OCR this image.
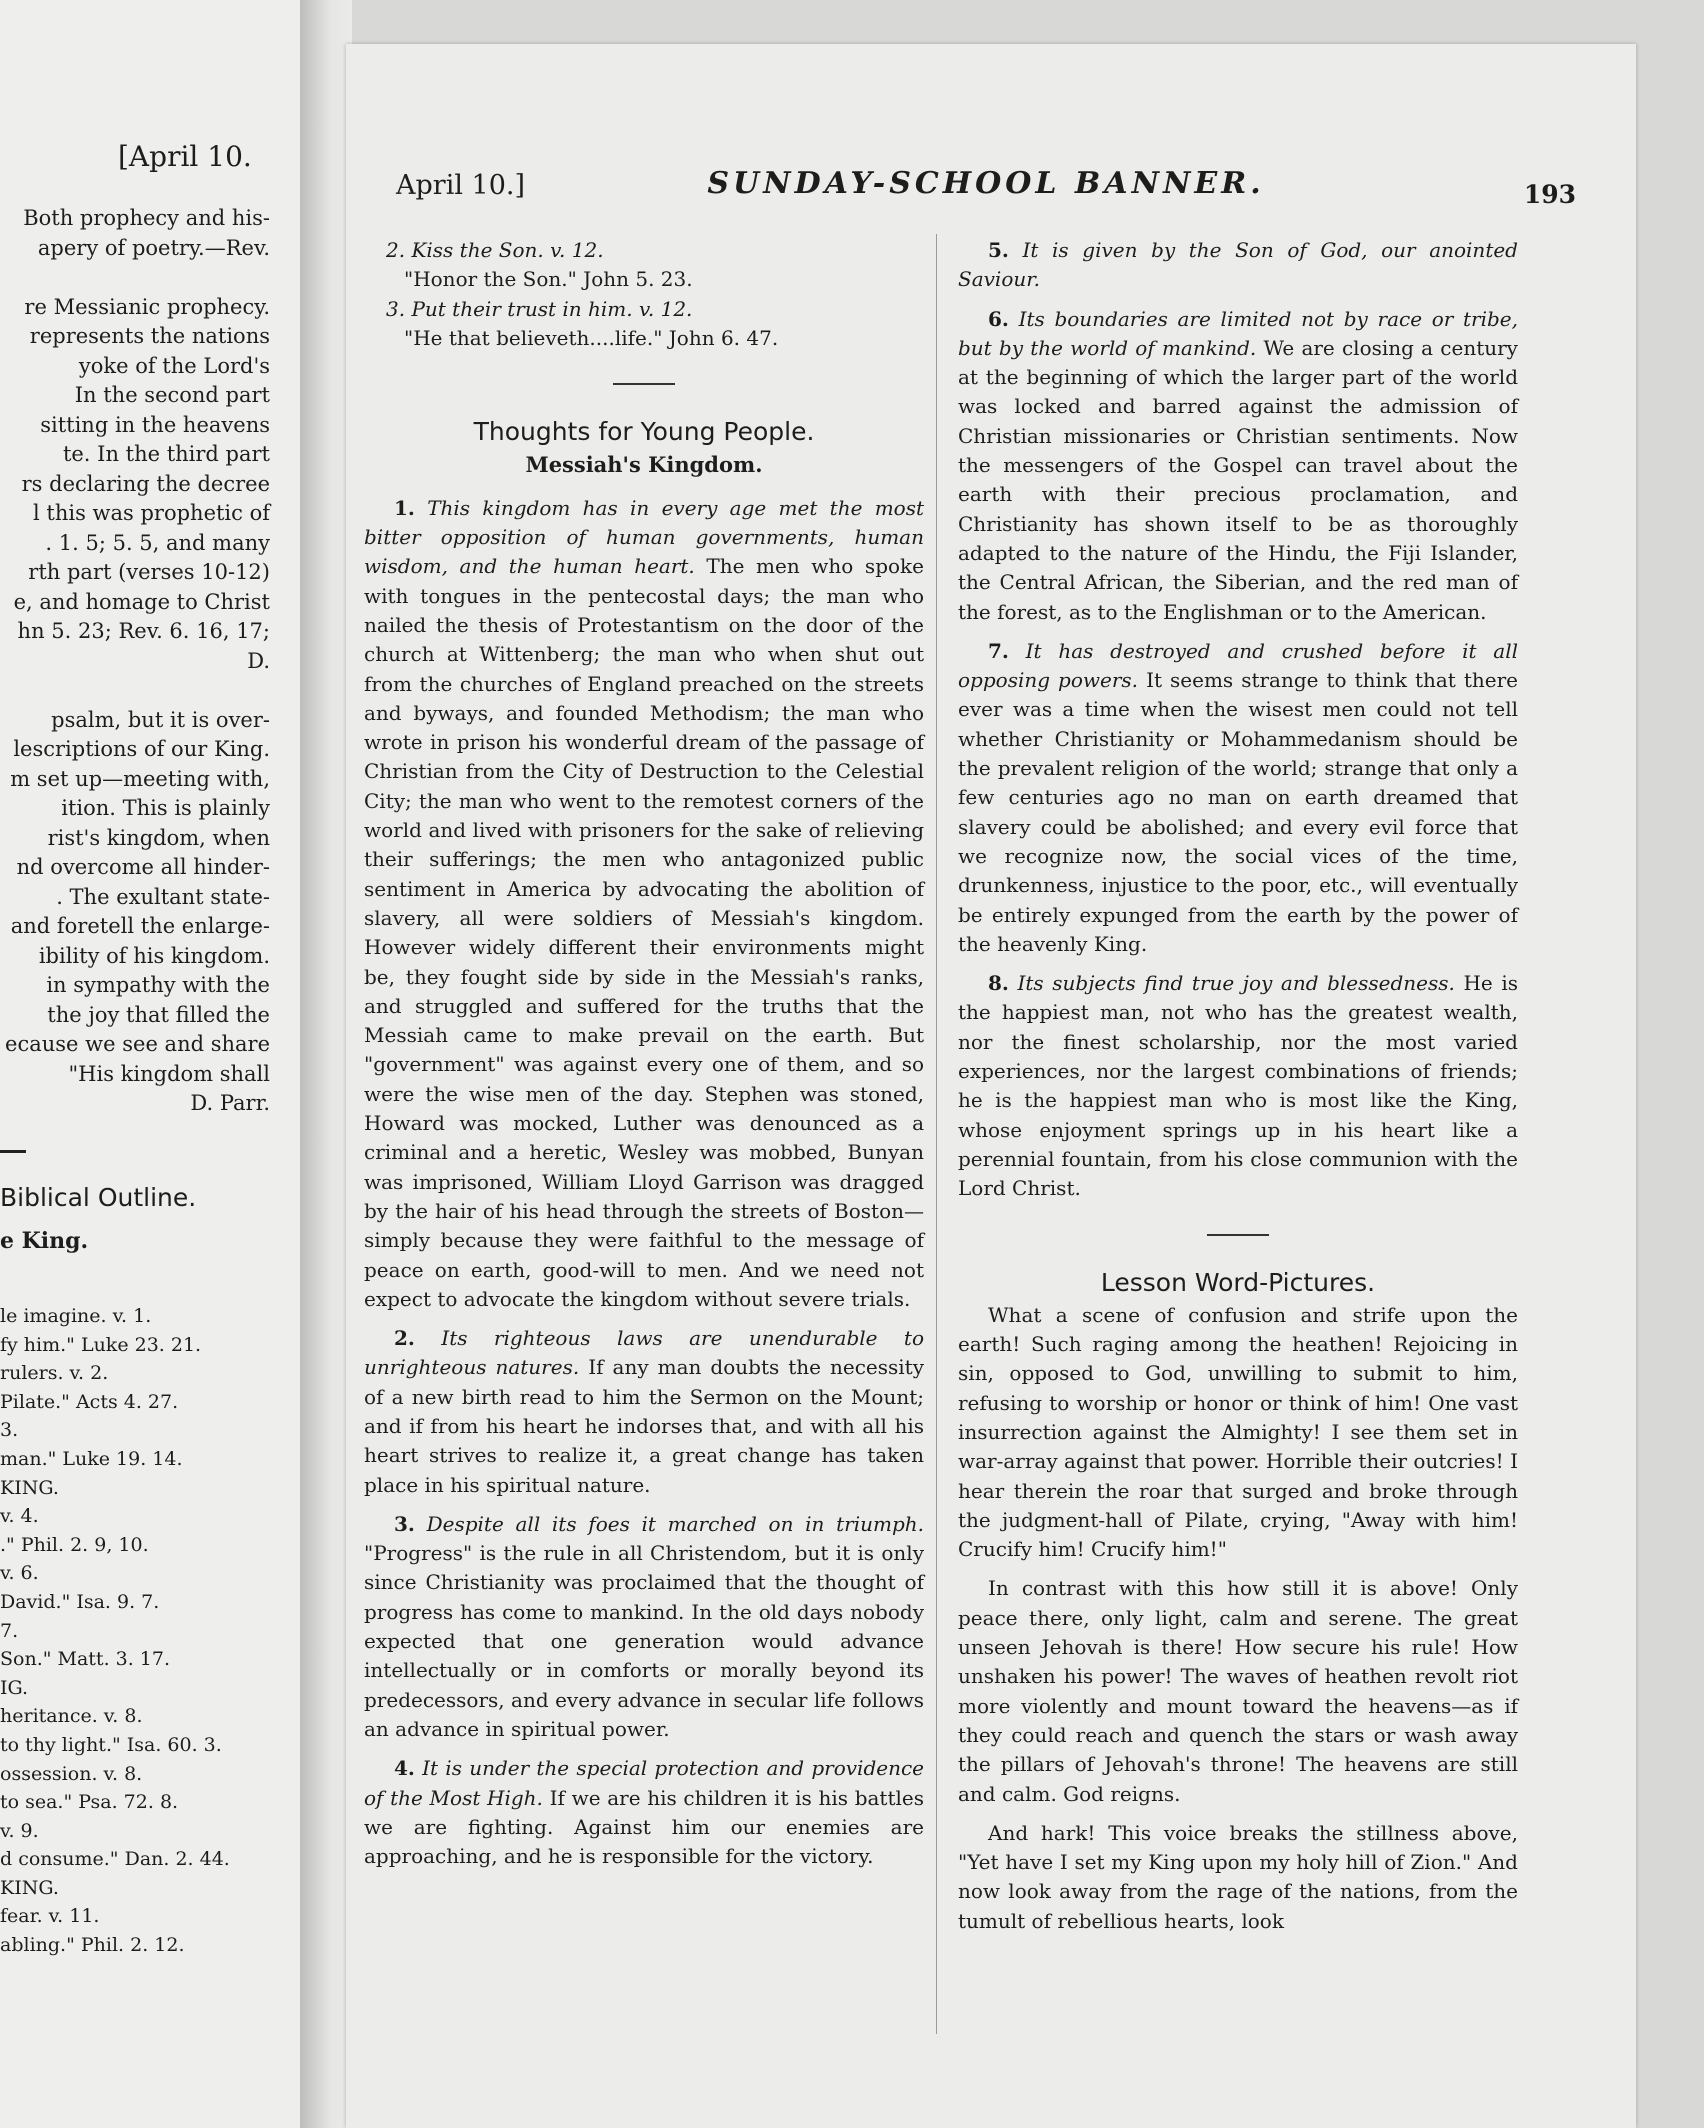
[April 10.
Both prophecy and his-
apery of poetry.—Rev.

re Messianic prophecy.
represents the nations
yoke of the Lord's
In the second part
sitting in the heavens
te. In the third part
rs declaring the decree
l this was prophetic of
. 1. 5; 5. 5, and many
rth part (verses 10-12)
e, and homage to Christ
hn 5. 23; Rev. 6. 16, 17;
D.

psalm, but it is over-
lescriptions of our King.
m set up—meeting with,
ition. This is plainly
rist's kingdom, when
nd overcome all hinder-
. The exultant state-
and foretell the enlarge-
ibility of his kingdom.
in sympathy with the
the joy that filled the
ecause we see and share
"His kingdom shall
D. Parr.
Biblical Outline.
e King.
le imagine. v. 1.
fy him." Luke 23. 21.
rulers. v. 2.
Pilate." Acts 4. 27.
3.
man." Luke 19. 14.
KING.
v. 4.
." Phil. 2. 9, 10.
v. 6.
David." Isa. 9. 7.
7.
Son." Matt. 3. 17.
IG.
heritance. v. 8.
to thy light." Isa. 60. 3.
ossession. v. 8.
to sea." Psa. 72. 8.
v. 9.
d consume." Dan. 2. 44.
KING.
fear. v. 11.
abling." Phil. 2. 12.
April 10.]	SUNDAY-SCHOOL BANNER.	193
2. Kiss the Son. v. 12.
"Honor the Son." John 5. 23.
3. Put their trust in him. v. 12.
"He that believeth....life." John 6. 47.
Thoughts for Young People.
Messiah's Kingdom.

1. This kingdom has in every age met the most bitter opposition of human governments, human wisdom, and the human heart. The men who spoke with tongues in the pentecostal days; the man who nailed the thesis of Protestantism on the door of the church at Wittenberg; the man who when shut out from the churches of England preached on the streets and byways, and founded Methodism; the man who wrote in prison his wonderful dream of the passage of Christian from the City of Destruction to the Celestial City; the man who went to the remotest corners of the world and lived with prisoners for the sake of relieving their sufferings; the men who antagonized public sentiment in America by advocating the abolition of slavery, all were soldiers of Messiah's kingdom. However widely different their environments might be, they fought side by side in the Messiah's ranks, and struggled and suffered for the truths that the Messiah came to make prevail on the earth. But "government" was against every one of them, and so were the wise men of the day. Stephen was stoned, Howard was mocked, Luther was denounced as a criminal and a heretic, Wesley was mobbed, Bunyan was imprisoned, William Lloyd Garrison was dragged by the hair of his head through the streets of Boston—simply because they were faithful to the message of peace on earth, good-will to men. And we need not expect to advocate the kingdom without severe trials.

2. Its righteous laws are unendurable to unrighteous natures. If any man doubts the necessity of a new birth read to him the Sermon on the Mount; and if from his heart he indorses that, and with all his heart strives to realize it, a great change has taken place in his spiritual nature.

3. Despite all its foes it marched on in triumph. "Progress" is the rule in all Christendom, but it is only since Christianity was proclaimed that the thought of progress has come to mankind. In the old days nobody expected that one generation would advance intellectually or in comforts or morally beyond its predecessors, and every advance in secular life follows an advance in spiritual power.

4. It is under the special protection and providence of the Most High. If we are his children it is his battles we are fighting. Against him our enemies are approaching, and he is responsible for the victory.

5. It is given by the Son of God, our anointed Saviour.

6. Its boundaries are limited not by race or tribe, but by the world of mankind. We are closing a century at the beginning of which the larger part of the world was locked and barred against the admission of Christian missionaries or Christian sentiments. Now the messengers of the Gospel can travel about the earth with their precious proclamation, and Christianity has shown itself to be as thoroughly adapted to the nature of the Hindu, the Fiji Islander, the Central African, the Siberian, and the red man of the forest, as to the Englishman or to the American.

7. It has destroyed and crushed before it all opposing powers. It seems strange to think that there ever was a time when the wisest men could not tell whether Christianity or Mohammedanism should be the prevalent religion of the world; strange that only a few centuries ago no man on earth dreamed that slavery could be abolished; and every evil force that we recognize now, the social vices of the time, drunkenness, injustice to the poor, etc., will eventually be entirely expunged from the earth by the power of the heavenly King.

8. Its subjects find true joy and blessedness. He is the happiest man, not who has the greatest wealth, nor the finest scholarship, nor the most varied experiences, nor the largest combinations of friends; he is the happiest man who is most like the King, whose enjoyment springs up in his heart like a perennial fountain, from his close communion with the Lord Christ.

Lesson Word-Pictures.

What a scene of confusion and strife upon the earth! Such raging among the heathen! Rejoicing in sin, opposed to God, unwilling to submit to him, refusing to worship or honor or think of him! One vast insurrection against the Almighty! I see them set in war-array against that power. Horrible their outcries! I hear therein the roar that surged and broke through the judgment-hall of Pilate, crying, "Away with him! Crucify him! Crucify him!"

In contrast with this how still it is above! Only peace there, only light, calm and serene. The great unseen Jehovah is there! How secure his rule! How unshaken his power! The waves of heathen revolt riot more violently and mount toward the heavens—as if they could reach and quench the stars or wash away the pillars of Jehovah's throne! The heavens are still and calm. God reigns.

And hark! This voice breaks the stillness above, "Yet have I set my King upon my holy hill of Zion." And now look away from the rage of the nations, from the tumult of rebellious hearts, look
